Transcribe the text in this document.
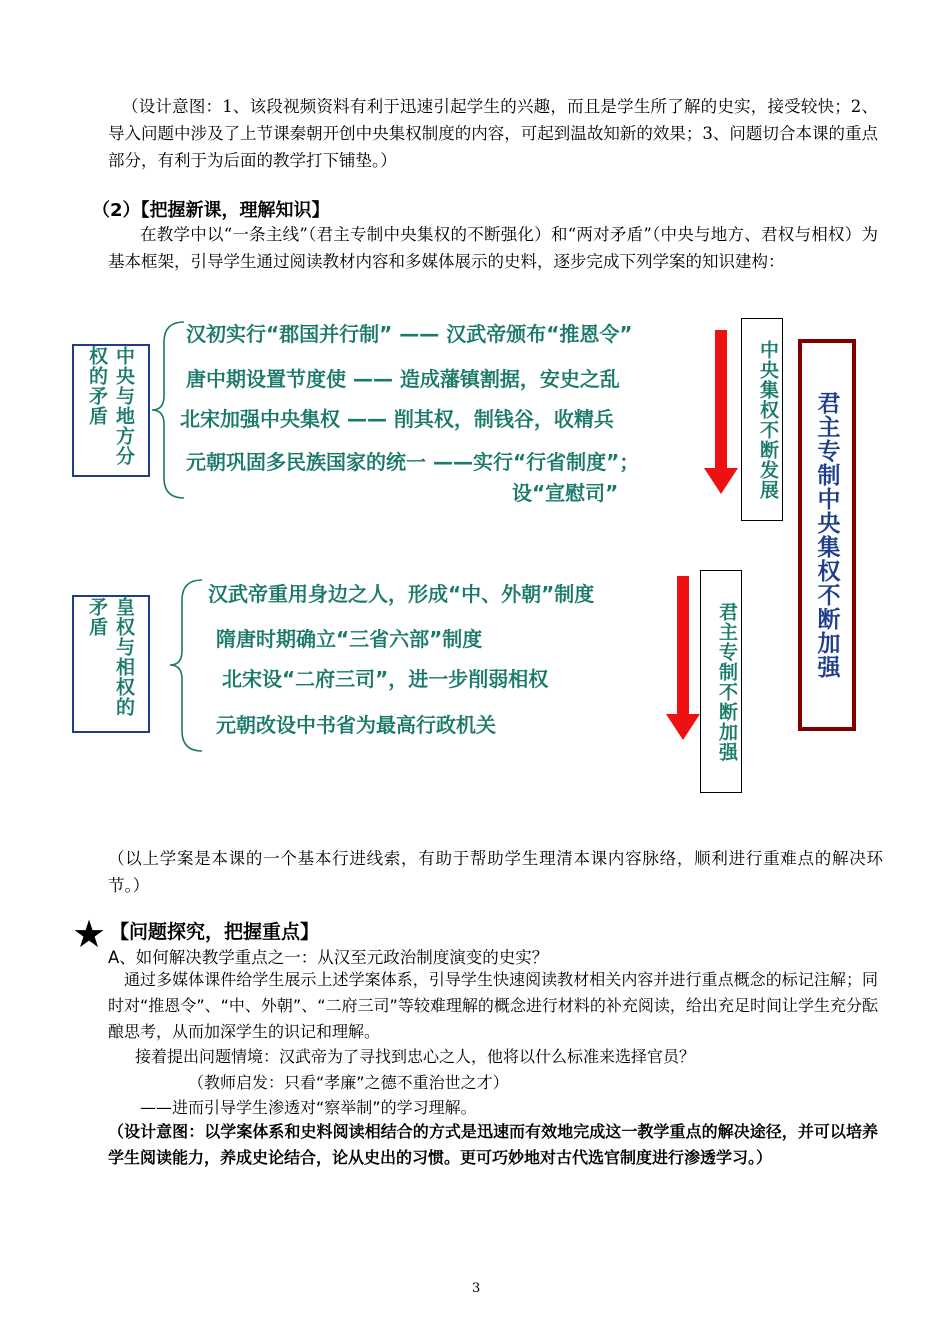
（设计意图：1、该段视频资料有利于迅速引起学生的兴趣，而且是学生所了解的史实，接受较快；2、导入问题中涉及了上节课秦朝开创中央集权制度的内容，可起到温故知新的效果；3、问题切合本课的重点部分，有利于为后面的教学打下铺垫。）
（2）【把握新课，理解知识】
在教学中以“一条主线”（君主专制中央集权的不断强化）和“两对矛盾”（中央与地方、君权与相权）为基本框架，引导学生通过阅读教材内容和多媒体展示的史料，逐步完成下列学案的知识建构：
中央与地方分权的矛盾
汉初实行“郡国并行制” —— 汉武帝颁布“推恩令”
唐中期设置节度使 —— 造成藩镇割据，安史之乱
北宋加强中央集权 —— 削其权，制钱谷，收精兵
元朝巩固多民族国家的统一 ——实行“行省制度”；
设“宣慰司”	中央集权不断发展	君主专制中央集权不断加强
皇权与相权的矛盾
汉武帝重用身边之人，形成“中、外朝”制度
隋唐时期确立“三省六部”制度
北宋设“二府三司”，进一步削弱相权
元朝改设中书省为最高行政机关	君主专制不断加强
（以上学案是本课的一个基本行进线索，有助于帮助学生理清本课内容脉络，顺利进行重难点的解决环节。）
★ 【问题探究，把握重点】
A、如何解决教学重点之一：从汉至元政治制度演变的史实？
通过多媒体课件给学生展示上述学案体系，引导学生快速阅读教材相关内容并进行重点概念的标记注解；同时对“推恩令”、“中、外朝”、“二府三司”等较难理解的概念进行材料的补充阅读，给出充足时间让学生充分酝酿思考，从而加深学生的识记和理解。
接着提出问题情境：汉武帝为了寻找到忠心之人，他将以什么标准来选择官员？
（教师启发：只看“孝廉”之德不重治世之才）
——进而引导学生渗透对“察举制”的学习理解。
（设计意图：以学案体系和史料阅读相结合的方式是迅速而有效地完成这一教学重点的解决途径，并可以培养学生阅读能力，养成史论结合，论从史出的习惯。更可巧妙地对古代选官制度进行渗透学习。）
3
